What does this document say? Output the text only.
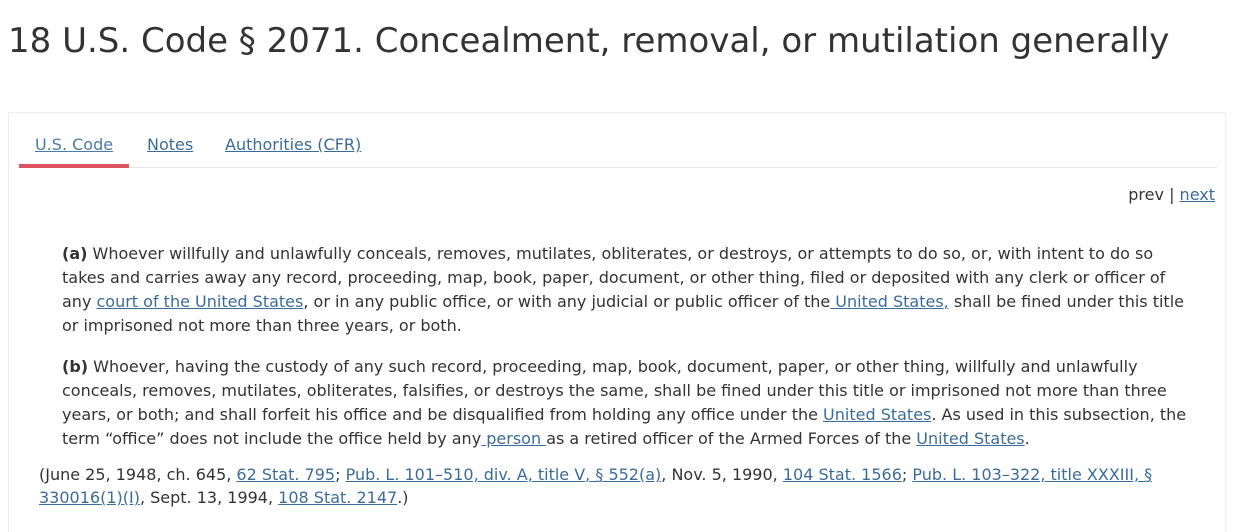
18 U.S. Code § 2071. Concealment, removal, or mutilation generally
U.S. Code Notes Authorities (CFR)
prev | next

(a) Whoever willfully and unlawfully conceals, removes, mutilates, obliterates, or destroys, or attempts to do so, or, with intent to do so takes and carries away any record, proceeding, map, book, paper, document, or other thing, filed or deposited with any clerk or officer of any court of the United States, or in any public office, or with any judicial or public officer of the United States, shall be fined under this title or imprisoned not more than three years, or both.

(b) Whoever, having the custody of any such record, proceeding, map, book, document, paper, or other thing, willfully and unlawfully conceals, removes, mutilates, obliterates, falsifies, or destroys the same, shall be fined under this title or imprisoned not more than three years, or both; and shall forfeit his office and be disqualified from holding any office under the United States. As used in this subsection, the term “office” does not include the office held by any person as a retired officer of the Armed Forces of the United States.

(June 25, 1948, ch. 645, 62 Stat. 795; Pub. L. 101–510, div. A, title V, § 552(a), Nov. 5, 1990, 104 Stat. 1566; Pub. L. 103–322, title XXXIII, § 330016(1)(I), Sept. 13, 1994, 108 Stat. 2147.)
